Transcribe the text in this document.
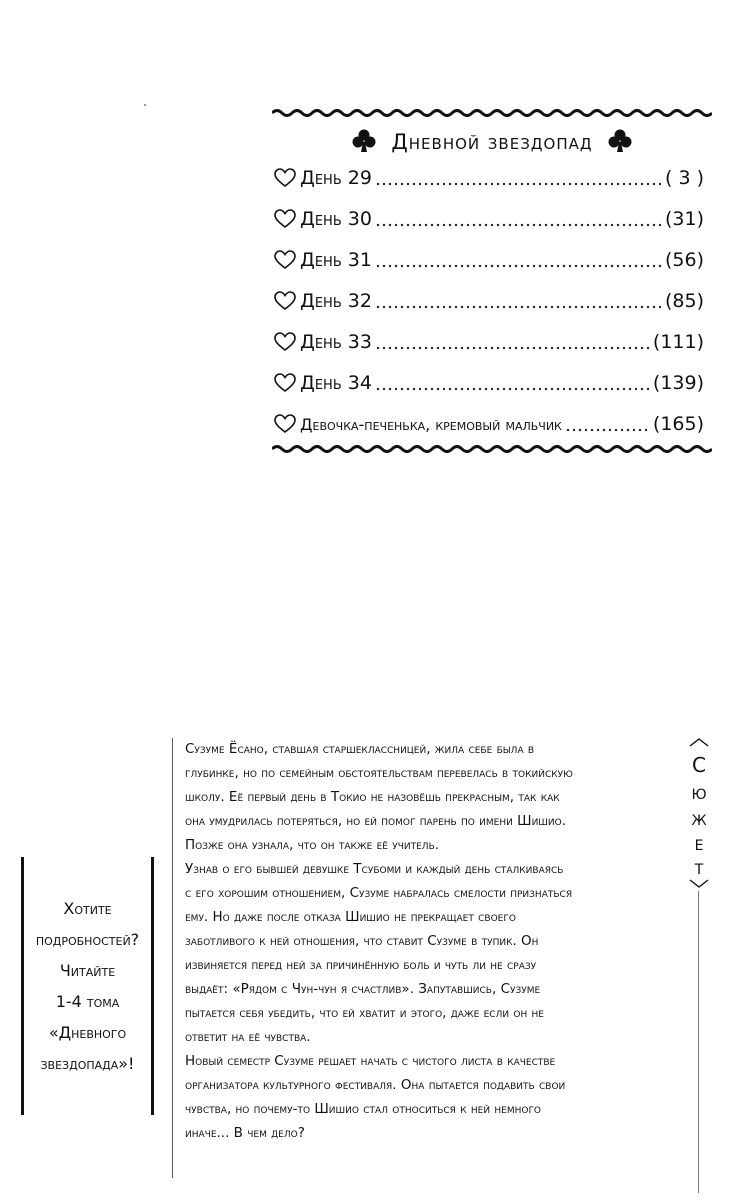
Дневной звездопад
День 29	( 3 )
День 30	(31)
День 31	(56)
День 32	(85)
День 33	(111)
День 34	(139)
Девочка-печенька, кремовый мальчик	(165)
Хотите
подробностей?
Читайте
1-4 тома
«Дневного
звездопада»!
Сузуме Ёсано, ставшая старшеклассницей, жила себе была в
глубинке, но по семейным обстоятельствам перевелась в токийскую
школу. Её первый день в Токио не назовёшь прекрасным, так как
она умудрилась потеряться, но ей помог парень по имени Шишио.
Позже она узнала, что он также её учитель.
Узнав о его бывшей девушке Тсубоми и каждый день сталкиваясь
с его хорошим отношением, Сузуме набралась смелости признаться
ему. Но даже после отказа Шишио не прекращает своего
заботливого к ней отношения, что ставит Сузуме в тупик. Он
извиняется перед ней за причинённую боль и чуть ли не сразу
выдаёт: «Рядом с Чун-чун я счастлив». Запутавшись, Сузуме
пытается себя убедить, что ей хватит и этого, даже если он не
ответит на её чувства.
Новый семестр Сузуме решает начать с чистого листа в качестве
организатора культурного фестиваля. Она пытается подавить свои
чувства, но почему-то Шишио стал относиться к ней немного
иначе... В чем дело?
С
ю
ж
е
т
